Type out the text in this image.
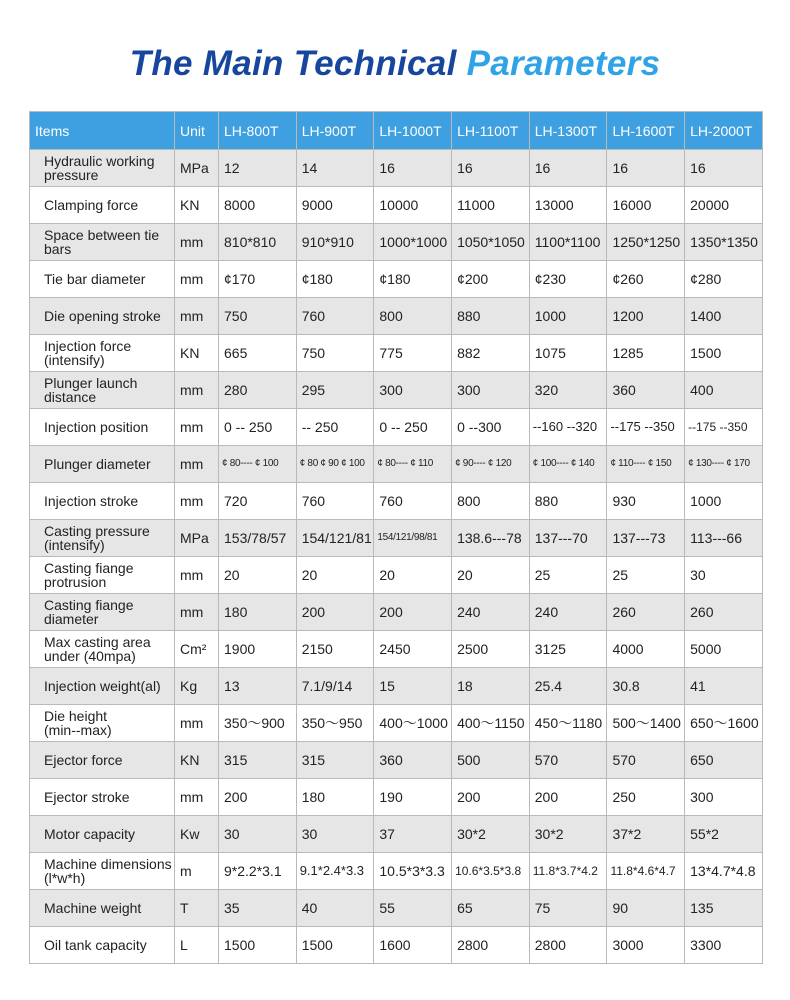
The Main Technical Parameters
Items	Unit	LH-800T	LH-900T	LH-1000T	LH-1100T	LH-1300T	LH-1600T	LH-2000T

Hydraulic working
pressure	MPa	12	14	16	16	16	16	16

Clamping force	KN	8000	9000	10000	11000	13000	16000	20000

Space between tie
bars	mm	810*810	910*910	1000*1000	1050*1050	1100*1100	1250*1250	1350*1350

Tie bar diameter	mm	¢170	¢180	¢180	¢200	¢230	¢260	¢280

Die opening stroke	mm	750	760	800	880	1000	1200	1400

Injection force
(intensify)	KN	665	750	775	882	1075	1285	1500

Plunger launch
distance	mm	280	295	300	300	320	360	400

Injection position	mm	0 -- 250	-- 250	0 -- 250	0 --300	--160 --320	--175 --350	--175 --350

Plunger diameter	mm	¢ 80---- ¢ 100	¢ 80 ¢ 90 ¢ 100	¢ 80---- ¢ 110	¢ 90---- ¢ 120	¢ 100---- ¢ 140	¢ 110---- ¢ 150	¢ 130---- ¢ 170

Injection stroke	mm	720	760	760	800	880	930	1000

Casting pressure
(intensify)	MPa	153/78/57	154/121/81	154/121/98/81	138.6---78	137---70	137---73	113---66

Casting fiange
protrusion	mm	20	20	20	20	25	25	30

Casting fiange
diameter	mm	180	200	200	240	240	260	260

Max casting area
under (40mpa)	Cm²	1900	2150	2450	2500	3125	4000	5000

Injection weight(al)	Kg	13	7.1/9/14	15	18	25.4	30.8	41

Die height
(min--max)	mm	350～900	350～950	400～1000	400～1150	450～1180	500～1400	650～1600

Ejector force	KN	315	315	360	500	570	570	650

Ejector stroke	mm	200	180	190	200	200	250	300

Motor capacity	Kw	30	30	37	30*2	30*2	37*2	55*2

Machine dimensions
(l*w*h)	m	9*2.2*3.1	9.1*2.4*3.3	10.5*3*3.3	10.6*3.5*3.8	11.8*3.7*4.2	11.8*4.6*4.7	13*4.7*4.8

Machine weight	T	35	40	55	65	75	90	135

Oil tank capacity	L	1500	1500	1600	2800	2800	3000	3300
